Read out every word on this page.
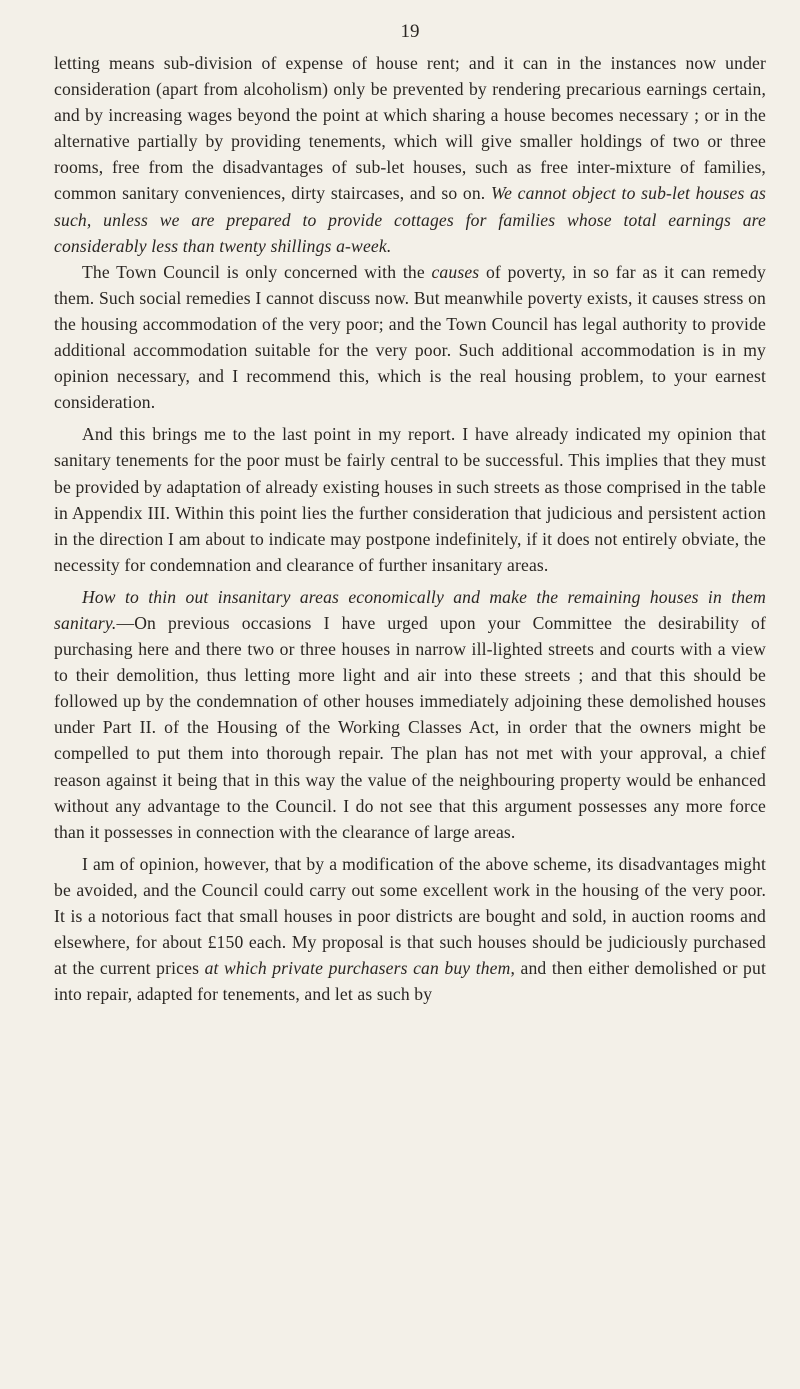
19

letting means sub-division of expense of house rent; and it can in the instances now under consideration (apart from alcoholism) only be prevented by rendering precarious earnings certain, and by increasing wages beyond the point at which sharing a house becomes necessary ; or in the alternative partially by providing tenements, which will give smaller holdings of two or three rooms, free from the disadvantages of sub-let houses, such as free inter-mixture of families, common sanitary conveniences, dirty staircases, and so on. We cannot object to sub-let houses as such, unless we are prepared to provide cottages for families whose total earnings are considerably less than twenty shillings a-week.

The Town Council is only concerned with the causes of poverty, in so far as it can remedy them. Such social remedies I cannot discuss now. But meanwhile poverty exists, it causes stress on the housing accommodation of the very poor; and the Town Council has legal authority to provide additional accommodation suitable for the very poor. Such additional accommodation is in my opinion necessary, and I recommend this, which is the real housing problem, to your earnest consideration.

And this brings me to the last point in my report. I have already indicated my opinion that sanitary tenements for the poor must be fairly central to be successful. This implies that they must be provided by adaptation of already existing houses in such streets as those comprised in the table in Appendix III. Within this point lies the further consideration that judicious and persistent action in the direction I am about to indicate may postpone indefinitely, if it does not entirely obviate, the necessity for condemnation and clearance of further insanitary areas.

How to thin out insanitary areas economically and make the remaining houses in them sanitary.—On previous occasions I have urged upon your Committee the desirability of purchasing here and there two or three houses in narrow ill-lighted streets and courts with a view to their demolition, thus letting more light and air into these streets ; and that this should be followed up by the condemnation of other houses immediately adjoining these demolished houses under Part II. of the Housing of the Working Classes Act, in order that the owners might be compelled to put them into thorough repair. The plan has not met with your approval, a chief reason against it being that in this way the value of the neighbouring property would be enhanced without any advantage to the Council. I do not see that this argument possesses any more force than it possesses in connection with the clearance of large areas.

I am of opinion, however, that by a modification of the above scheme, its disadvantages might be avoided, and the Council could carry out some excellent work in the housing of the very poor. It is a notorious fact that small houses in poor districts are bought and sold, in auction rooms and elsewhere, for about £150 each. My proposal is that such houses should be judiciously purchased at the current prices at which private purchasers can buy them, and then either demolished or put into repair, adapted for tenements, and let as such by
